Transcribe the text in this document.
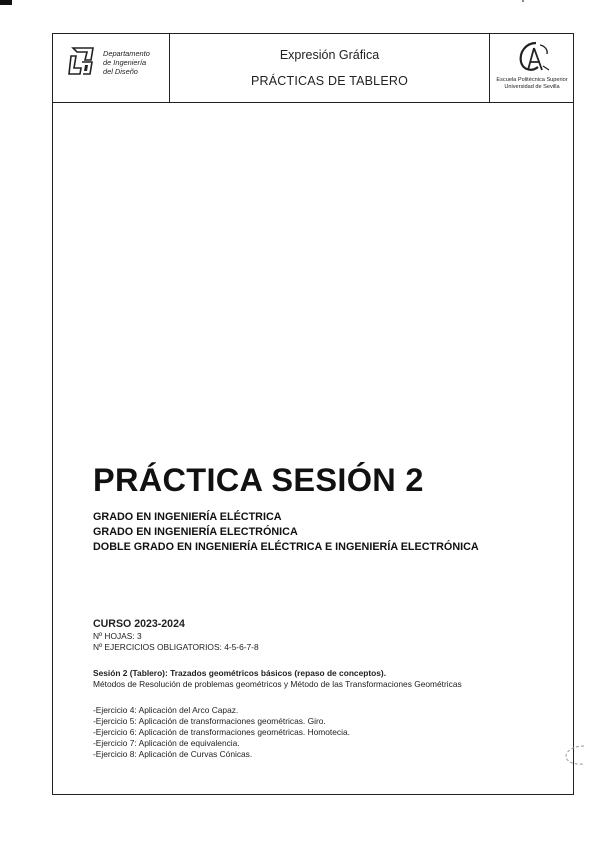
Departamento
de Ingeniería
del Diseño
Expresión Gráfica
PRÁCTICAS DE TABLERO	Escuela Politécnica Superior
Universidad de Sevilla
PRÁCTICA SESIÓN 2
GRADO EN INGENIERÍA ELÉCTRICA
GRADO EN INGENIERÍA ELECTRÓNICA
DOBLE GRADO EN INGENIERÍA ELÉCTRICA E INGENIERÍA ELECTRÓNICA
CURSO 2023-2024
Nº HOJAS: 3
Nº EJERCICIOS OBLIGATORIOS: 4-5-6-7-8
Sesión 2 (Tablero): Trazados geométricos básicos (repaso de conceptos).
Métodos de Resolución de problemas geométricos y Método de las Transformaciones Geométricas
-Ejercicio 4: Aplicación del Arco Capaz.
-Ejercicio 5: Aplicación de transformaciones geométricas. Giro.
-Ejercicio 6: Aplicación de transformaciones geométricas. Homotecia.
-Ejercicio 7: Aplicación de equivalencia.
-Ejercicio 8: Aplicación de Curvas Cónicas.
